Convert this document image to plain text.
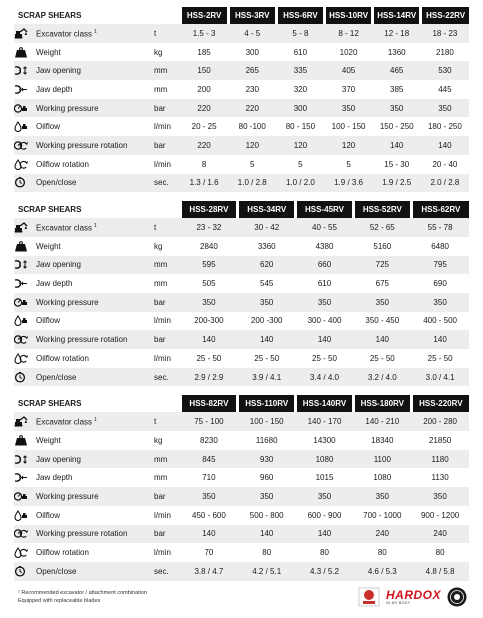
SCRAP SHEARS			HSS-2RV	HSS-3RV	HSS-6RV	HSS-10RV	HSS-14RV	HSS-22RV

	Excavator class $^1$	t	1.5 - 3	4 - 5	5 - 8	8 - 12	12 - 18	18 - 23

	Weight	kg	185	300	610	1020	1360	2180

	Jaw opening	mm	150	265	335	405	465	530

	Jaw depth	mm	200	230	320	370	385	445

	Working pressure	bar	220	220	300	350	350	350

	Oilflow	l/min	20 - 25	80 -100	80 - 150	100 - 150	150 - 250	180 - 250

	Working pressure rotation	bar	220	120	120	120	140	140

	Oilflow rotation	l/min	8	5	5	5	15 - 30	20 - 40

	Open/close	sec.	1.3 / 1.6	1.0 / 2.8	1.0 / 2.0	1.9 / 3.6	1.9 / 2.5	2.0 / 2.8
SCRAP SHEARS			HSS-28RV	HSS-34RV	HSS-45RV	HSS-52RV	HSS-62RV

	Excavator class $^1$	t	23 - 32	30 - 42	40 - 55	52 - 65	55 - 78

	Weight	kg	2840	3360	4380	5160	6480

	Jaw opening	mm	595	620	660	725	795

	Jaw depth	mm	505	545	610	675	690

	Working pressure	bar	350	350	350	350	350

	Oilflow	l/min	200-300	200 -300	300 - 400	350 - 450	400 - 500

	Working pressure rotation	bar	140	140	140	140	140

	Oilflow rotation	l/min	25 - 50	25 - 50	25 - 50	25 - 50	25 - 50

	Open/close	sec.	2.9 / 2.9	3.9 / 4.1	3.4 / 4.0	3.2 / 4.0	3.0 / 4.1
SCRAP SHEARS			HSS-82RV	HSS-110RV	HSS-140RV	HSS-180RV	HSS-220RV

	Excavator class $^1$	t	75 - 100	100 - 150	140 - 170	140 - 210	200 - 280

	Weight	kg	8230	11680	14300	18340	21850

	Jaw opening	mm	845	930	1080	1100	1180

	Jaw depth	mm	710	960	1015	1080	1130

	Working pressure	bar	350	350	350	350	350

	Oilflow	l/min	450 - 600	500 - 800	600 - 900	700 - 1000	900 - 1200

	Working pressure rotation	bar	140	140	140	240	240

	Oilflow rotation	l/min	70	80	80	80	80

	Open/close	sec.	3.8 / 4.7	4.2 / 5.1	4.3 / 5.2	4.6 / 5.3	4.8 / 5.8
¹ Recommended excavator / attachment combination
Equipped with replaceable blades	HARDOX
IN MY BODY
